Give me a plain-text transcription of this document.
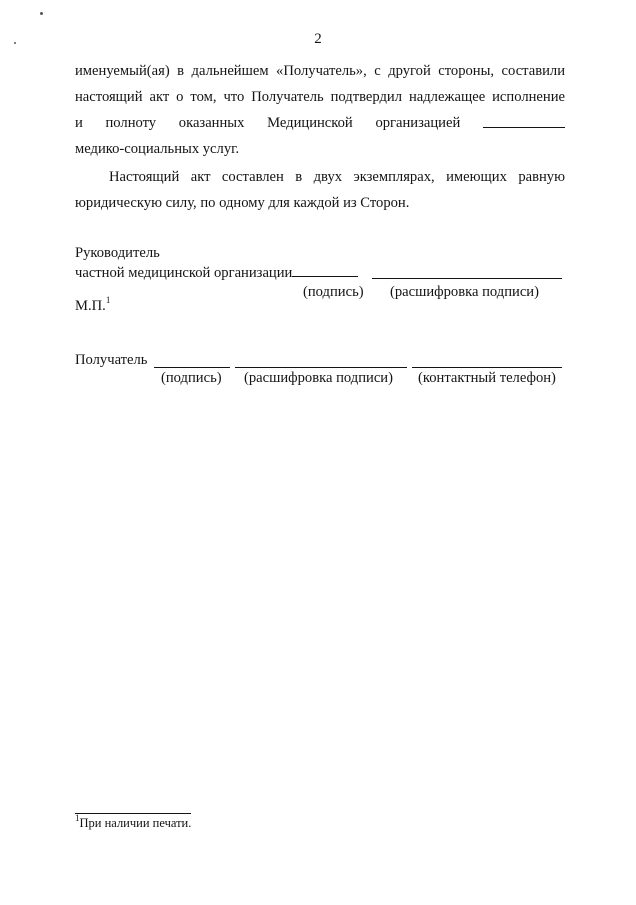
2
именуемый(ая) в дальнейшем «Получатель», с другой стороны, составили
настоящий акт о том, что Получатель подтвердил надлежащее исполнение
и полноту оказанных Медицинской организацией
медико-социальных услуг.
Настоящий акт составлен в двух экземплярах, имеющих равную
юридическую силу, по одному для каждой из Сторон.
Руководитель
частной медицинской организации
(подпись) (расшифровка подписи)
М.П.$^1$
Получатель
(подпись) (расшифровка подписи) (контактный телефон)
$^1$При наличии печати.
